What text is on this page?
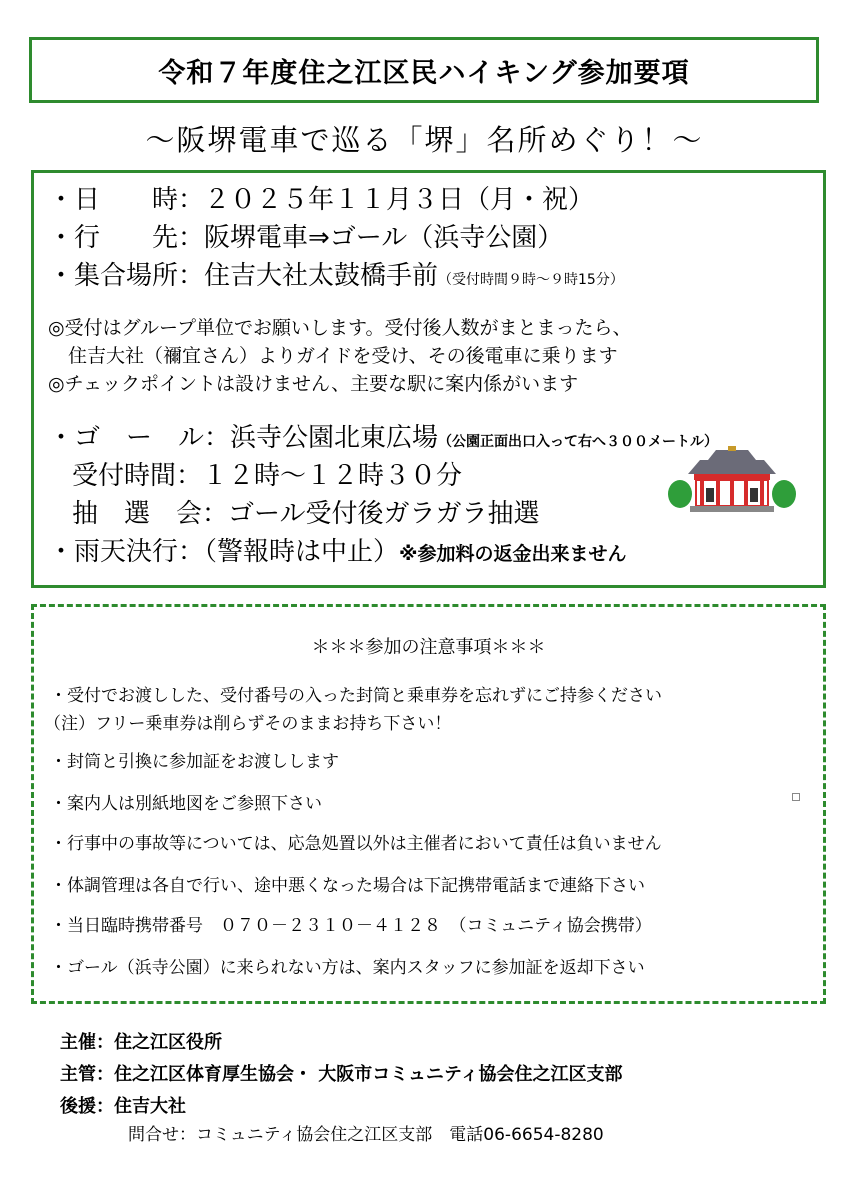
令和７年度住之江区民ハイキング参加要項
～阪堺電車で巡る「堺」名所めぐり！～
・日　　時：２０２５年１１月３日（月・祝）
・行　　先：阪堺電車⇒ゴール（浜寺公園）
・集合場所：住吉大社太鼓橋手前（受付時間９時～９時15分）
◎受付はグループ単位でお願いします。受付後人数がまとまったら、
住吉大社（禰宜さん）よりガイドを受け、その後電車に乗ります
◎チェックポイントは設けません、主要な駅に案内係がいます
・ゴ　ー　ル：浜寺公園北東広場（公園正面出口入って右へ３００メートル）
受付時間：１２時～１２時３０分
抽　選　会：ゴール受付後ガラガラ抽選
・雨天決行：（警報時は中止）※参加料の返金出来ません
＊＊＊参加の注意事項＊＊＊
・受付でお渡しした、受付番号の入った封筒と乗車券を忘れずにご持参ください
（注）フリー乗車券は削らずそのままお持ち下さい！
・封筒と引換に参加証をお渡しします
・案内人は別紙地図をご参照下さい
・行事中の事故等については、応急処置以外は主催者において責任は負いません
・体調管理は各自で行い、途中悪くなった場合は下記携帯電話まで連絡下さい
・当日臨時携帯番号　０７０－２３１０－４１２８　（コミュニティ協会携帯）
・ゴール（浜寺公園）に来られない方は、案内スタッフに参加証を返却下さい
主催：住之江区役所
主管：住之江区体育厚生協会・ 大阪市コミュニティ協会住之江区支部
後援：住吉大社
問合せ：コミュニティ協会住之江区支部　電話06-6654-8280
